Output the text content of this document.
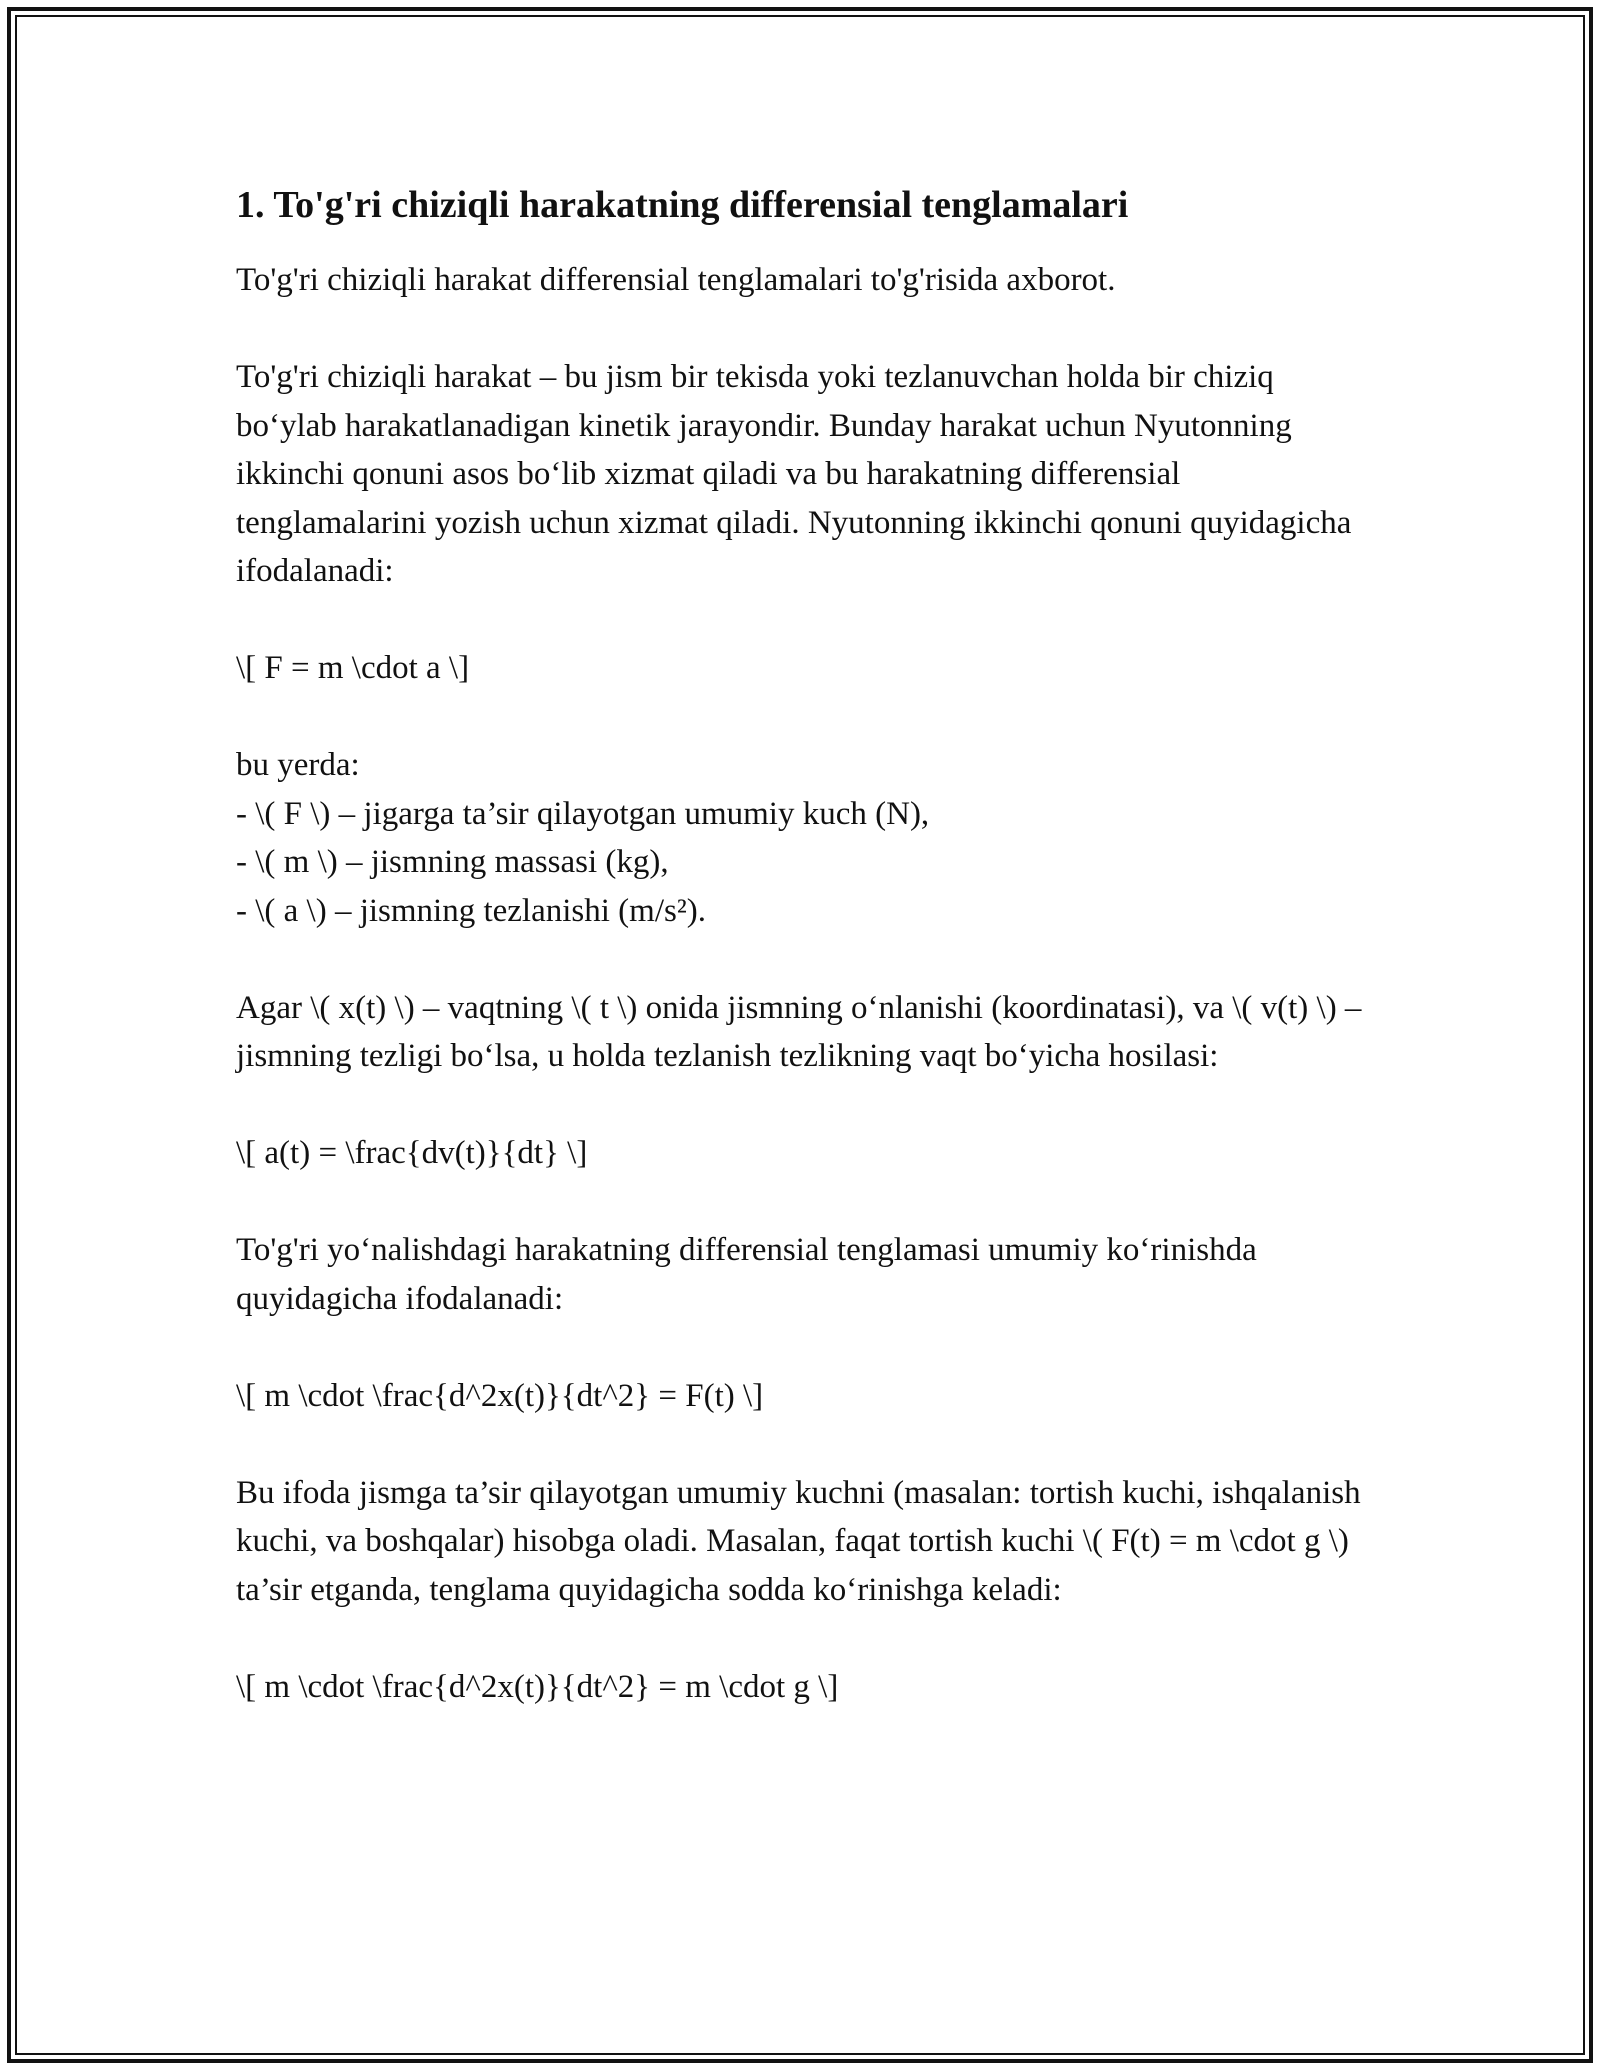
1. To'g'ri chiziqli harakatning differensial tenglamalari

To'g'ri chiziqli harakat differensial tenglamalari to'g'risida axborot.

To'g'ri chiziqli harakat – bu jism bir tekisda yoki tezlanuvchan holda bir chiziq bo‘ylab harakatlanadigan kinetik jarayondir. Bunday harakat uchun Nyutonning ikkinchi qonuni asos bo‘lib xizmat qiladi va bu harakatning differensial tenglamalarini yozish uchun xizmat qiladi. Nyutonning ikkinchi qonuni quyidagicha ifodalanadi:

\[ F = m \cdot a \]

bu yerda:
- \( F \) – jigarga ta’sir qilayotgan umumiy kuch (N),
- \( m \) – jismning massasi (kg),
- \( a \) – jismning tezlanishi (m/s²).

Agar \( x(t) \) – vaqtning \( t \) onida jismning o‘nlanishi (koordinatasi), va \( v(t) \) – jismning tezligi bo‘lsa, u holda tezlanish tezlikning vaqt bo‘yicha hosilasi:

\[ a(t) = \frac{dv(t)}{dt} \]

To'g'ri yo‘nalishdagi harakatning differensial tenglamasi umumiy ko‘rinishda quyidagicha ifodalanadi:

\[ m \cdot \frac{d^2x(t)}{dt^2} = F(t) \]

Bu ifoda jismga ta’sir qilayotgan umumiy kuchni (masalan: tortish kuchi, ishqalanish kuchi, va boshqalar) hisobga oladi. Masalan, faqat tortish kuchi \( F(t) = m \cdot g \) ta’sir etganda, tenglama quyidagicha sodda ko‘rinishga keladi:

\[ m \cdot \frac{d^2x(t)}{dt^2} = m \cdot g \]
